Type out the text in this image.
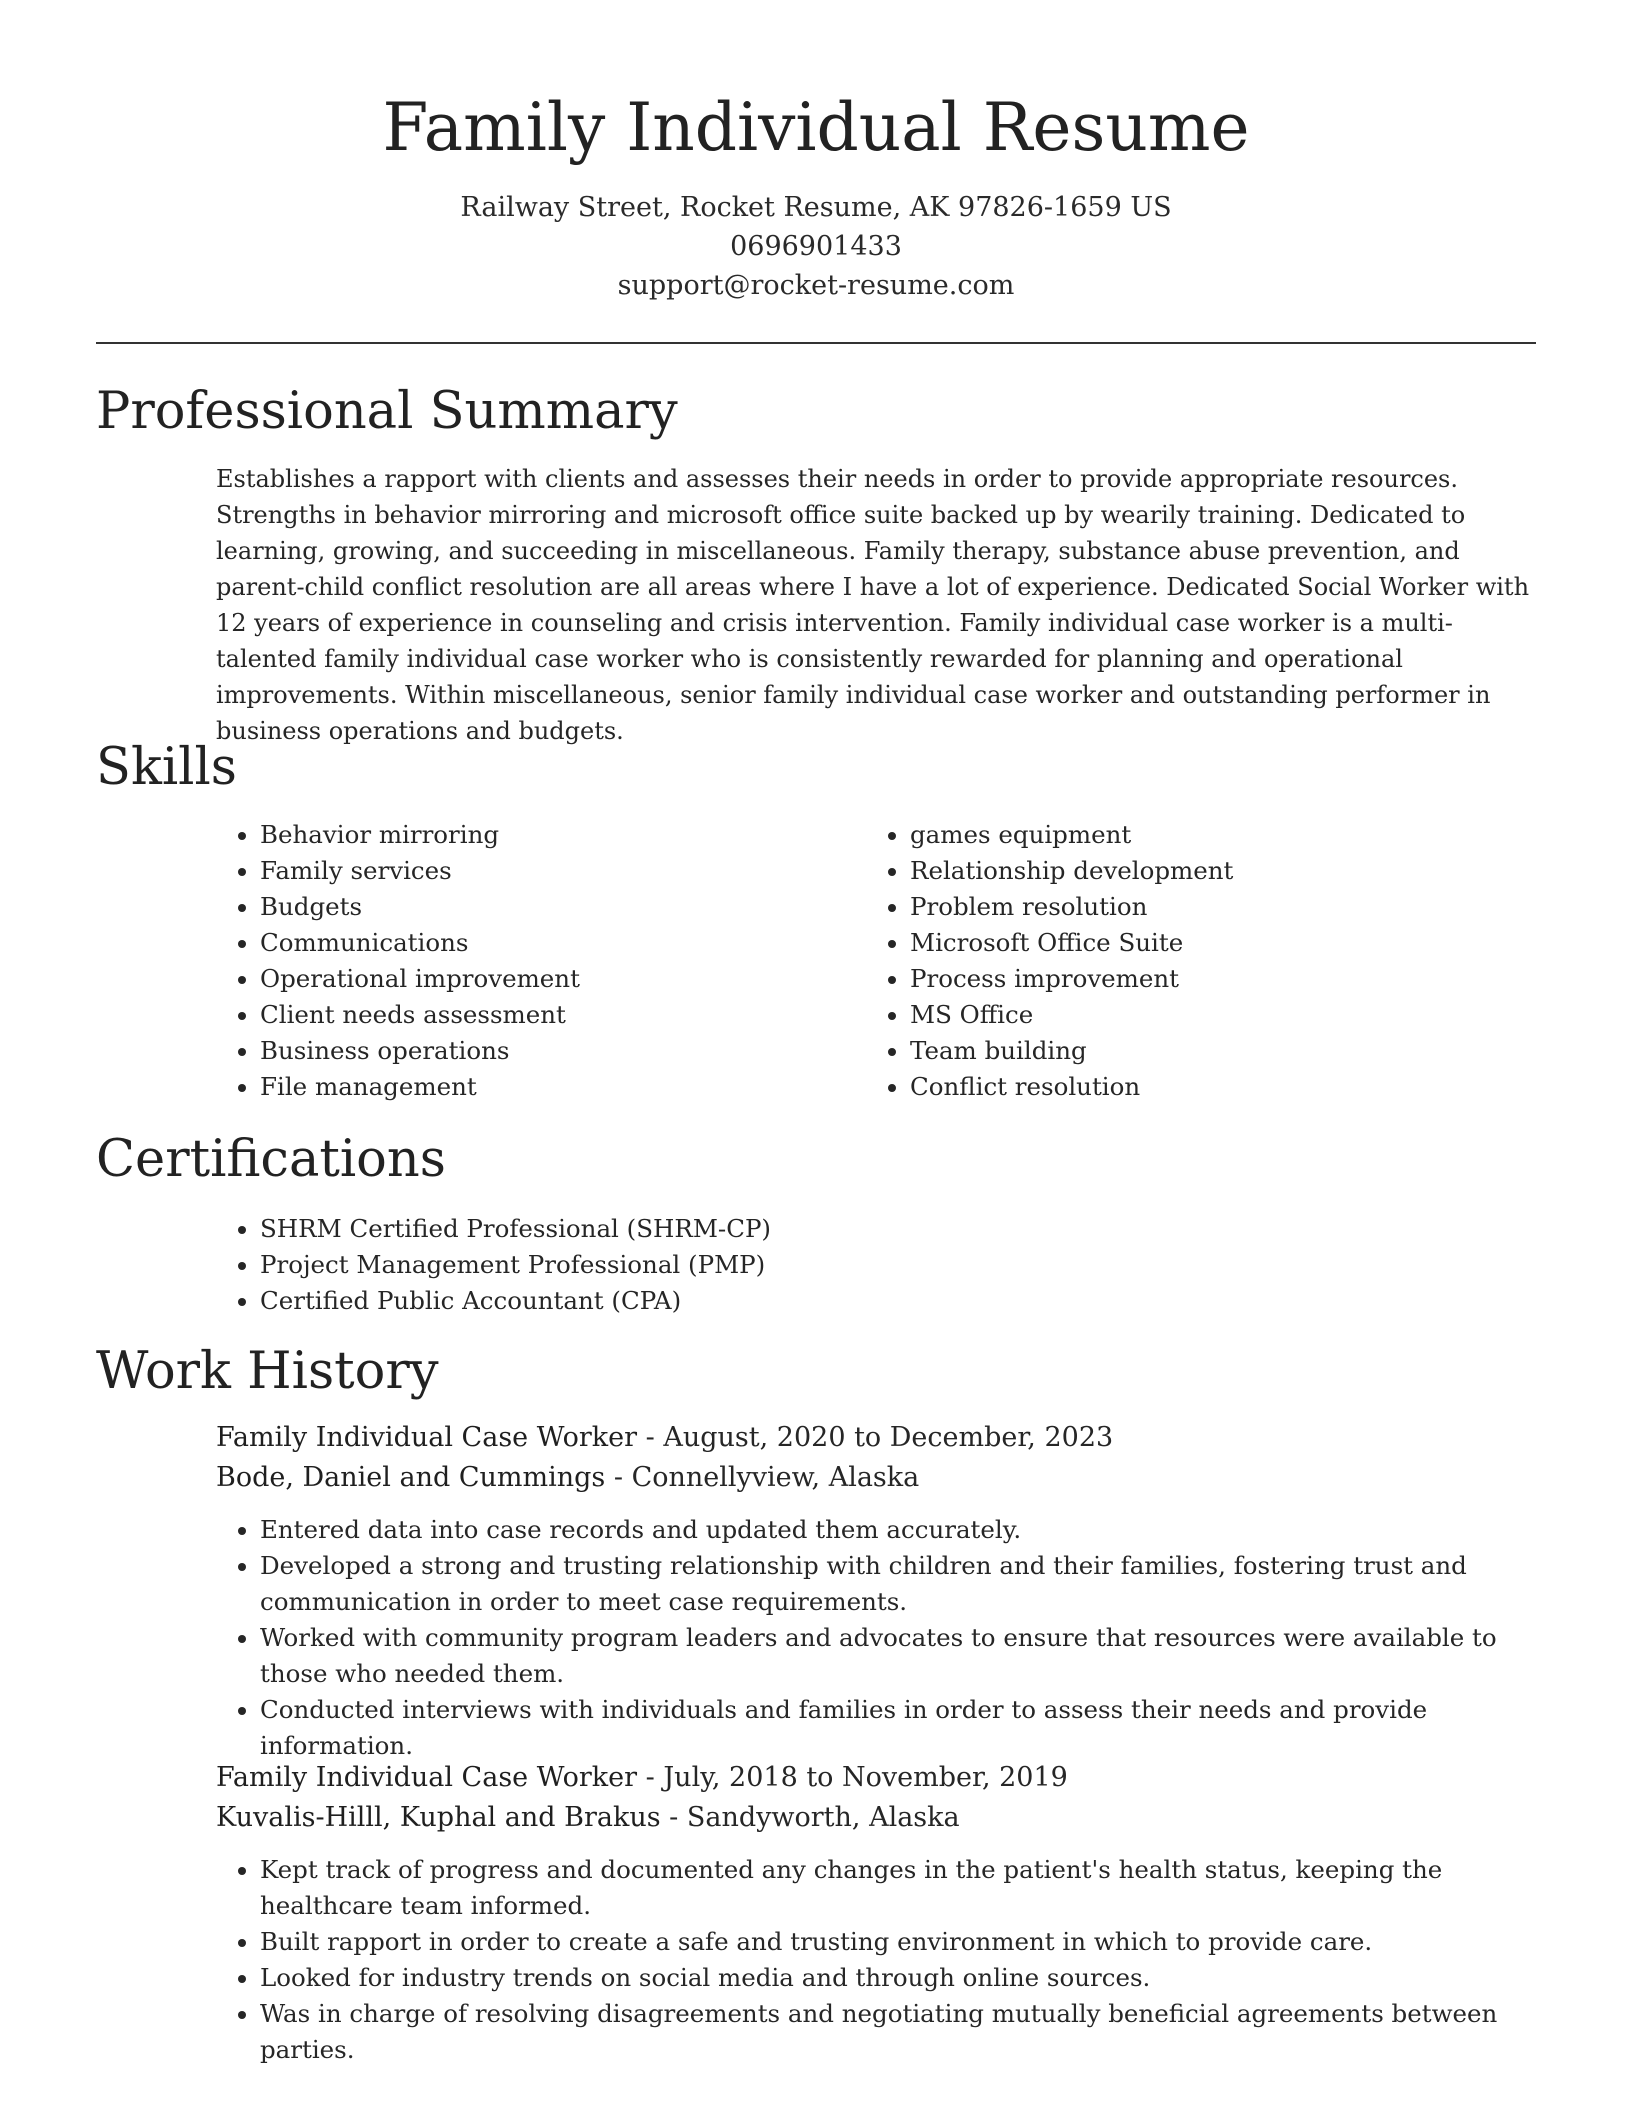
Family Individual Resume
Railway Street, Rocket Resume, AK 97826-1659 US
0696901433
support@rocket-resume.com
Professional Summary

Establishes a rapport with clients and assesses their needs in order to provide appropriate resources. Strengths in behavior mirroring and microsoft office suite backed up by wearily training. Dedicated to learning, growing, and succeeding in miscellaneous. Family therapy, substance abuse prevention, and parent-child conflict resolution are all areas where I have a lot of experience. Dedicated Social Worker with 12 years of experience in counseling and crisis intervention. Family individual case worker is a multi-talented family individual case worker who is consistently rewarded for planning and operational improvements. Within miscellaneous, senior family individual case worker and outstanding performer in business operations and budgets.

Skills
• Behavior mirroring
• Family services
• Budgets
• Communications
• Operational improvement
• Client needs assessment
• Business operations
• File management
• games equipment
• Relationship development
• Problem resolution
• Microsoft Office Suite
• Process improvement
• MS Office
• Team building
• Conflict resolution
Certifications
• SHRM Certified Professional (SHRM-CP)
• Project Management Professional (PMP)
• Certified Public Accountant (CPA)
Work History
Family Individual Case Worker - August, 2020 to December, 2023
Bode, Daniel and Cummings - Connellyview, Alaska
• Entered data into case records and updated them accurately.
• Developed a strong and trusting relationship with children and their families, fostering trust and communication in order to meet case requirements.
• Worked with community program leaders and advocates to ensure that resources were available to those who needed them.
• Conducted interviews with individuals and families in order to assess their needs and provide information.
Family Individual Case Worker - July, 2018 to November, 2019
Kuvalis-Hilll, Kuphal and Brakus - Sandyworth, Alaska
• Kept track of progress and documented any changes in the patient's health status, keeping the healthcare team informed.
• Built rapport in order to create a safe and trusting environment in which to provide care.
• Looked for industry trends on social media and through online sources.
• Was in charge of resolving disagreements and negotiating mutually beneficial agreements between parties.
